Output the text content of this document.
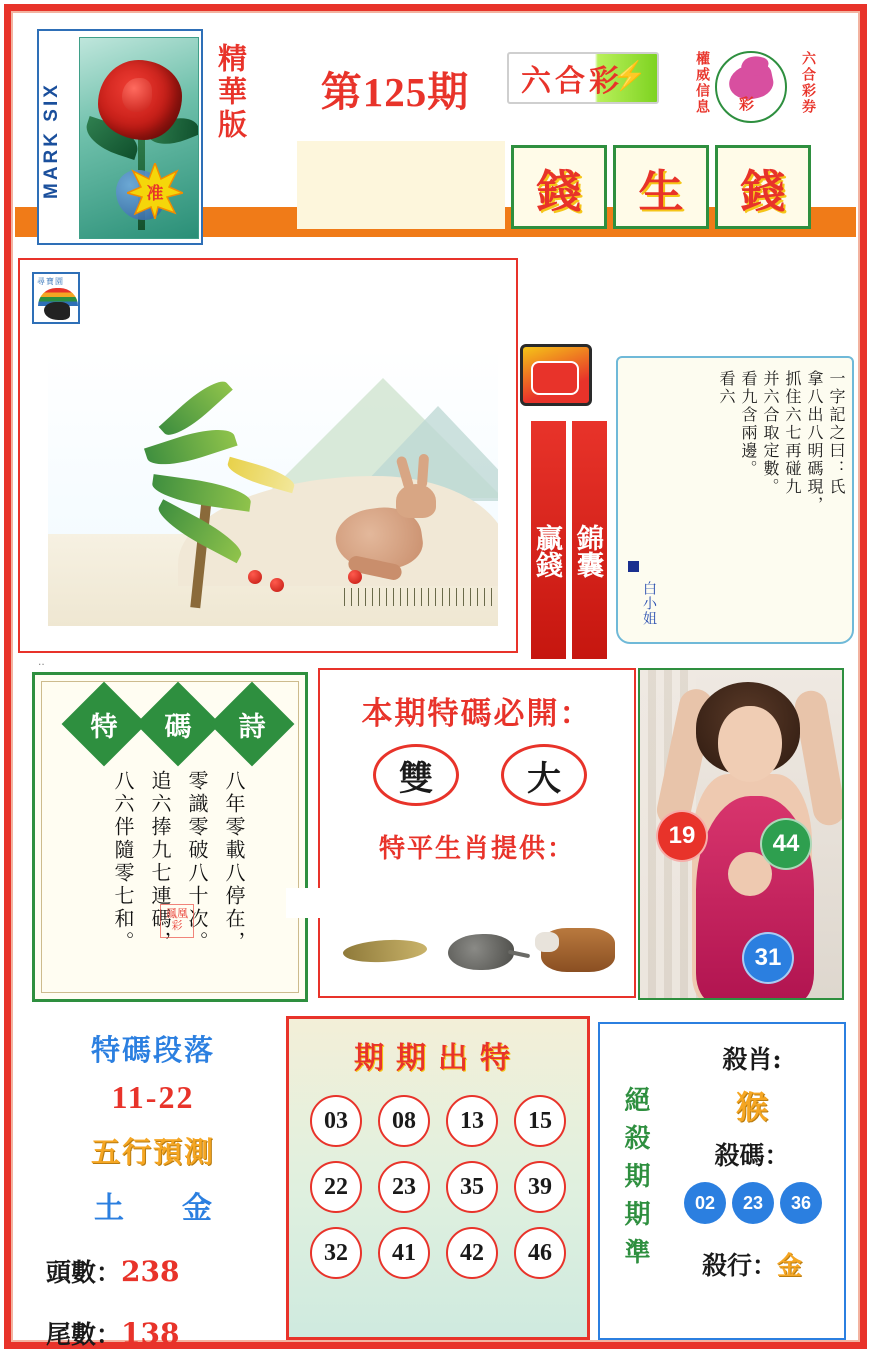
MARK SIX	准
精華版	第125期	六合彩
⚡	權威信息 彩	六合彩券
錢	生	錢
尋寶園
..
贏錢 錦囊
一字記之曰：氏
拿八出八明碼現，
抓住六七再碰九
并六合取定數。
看九含兩邊。
看六
白小姐
特 碼 詩
八年零載八停在，
零識零破八十次。
追六捧九七連碼，
八六伴隨零七和。	鳳凰彩
本期特碼必開：
雙	大
特平生肖提供：	19	44
31
特碼段落
11-22
五行預測
土 金
頭數：238
尾數：138
期期出特
03	08	13	15
22	23	35	39
32	41	42	46	絕殺期期準
殺肖:
猴
殺碼：
02	23	36
殺行：金
